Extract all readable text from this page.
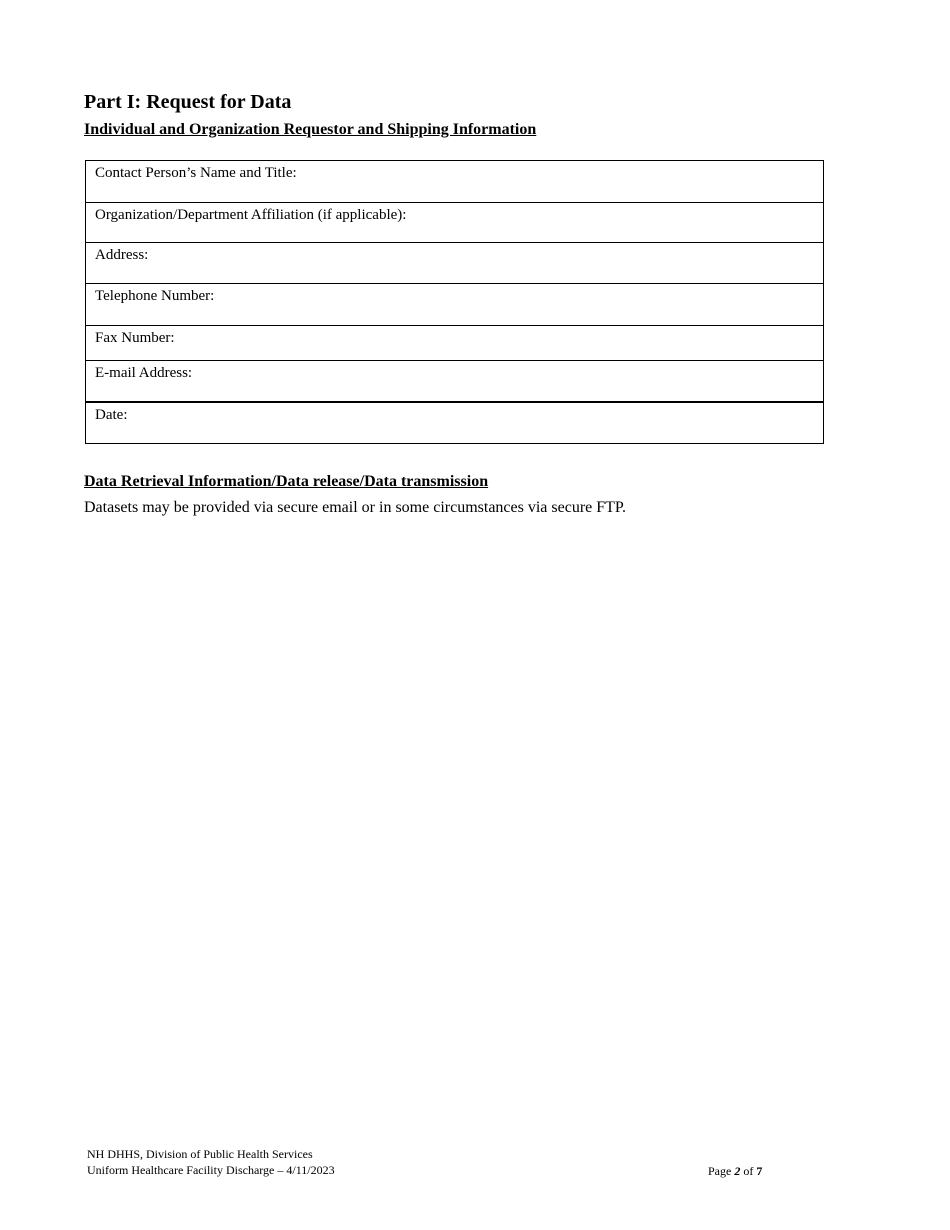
Part I: Request for Data
Individual and Organization Requestor and Shipping Information
Contact Person’s Name and Title:
Organization/Department Affiliation (if applicable):
Address:
Telephone Number:
Fax Number:
E-mail Address:
Date:
Data Retrieval Information/Data release/Data transmission

Datasets may be provided via secure email or in some circumstances via secure FTP.

NH DHHS, Division of Public Health Services
Uniform Healthcare Facility Discharge – 4/11/2023	Page 2 of 7
